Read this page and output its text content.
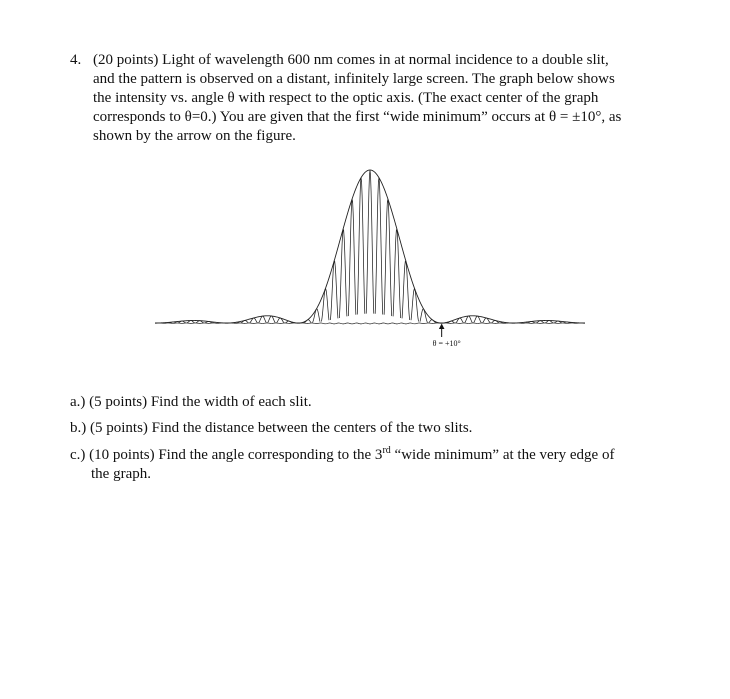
4. (20 points) Light of wavelength 600 nm comes in at normal incidence to a double slit, and the pattern is observed on a distant, infinitely large screen. The graph below shows the intensity vs. angle θ with respect to the optic axis. (The exact center of the graph corresponds to θ=0.) You are given that the first “wide minimum” occurs at θ = ±10°, as shown by the arrow on the figure.
θ = +10°

a.) (5 points) Find the width of each slit.

b.) (5 points) Find the distance between the centers of the two slits.

c.) (10 points) Find the angle corresponding to the 3rd “wide minimum” at the very edge of the graph.
